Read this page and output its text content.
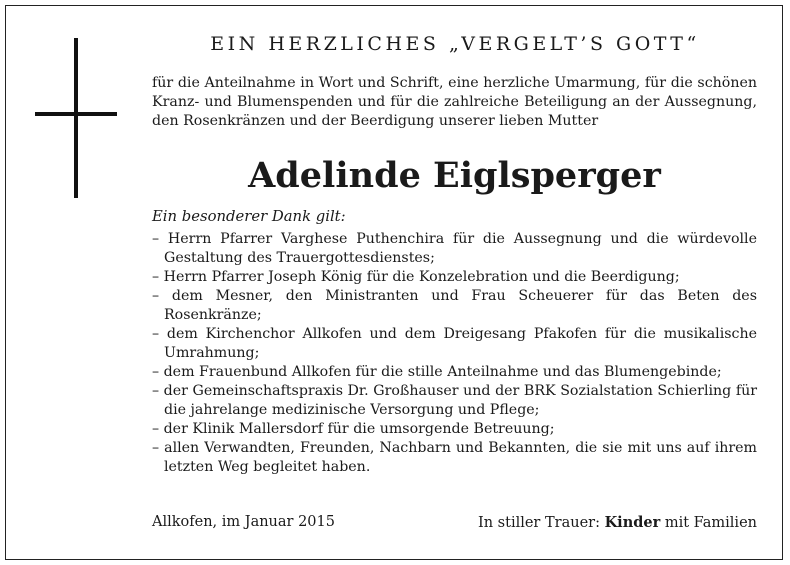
EIN HERZLICHES „VERGELT’S GOTT“

für die Anteilnahme in Wort und Schrift, eine herzliche Umarmung, für die schönen Kranz- und Blumenspenden und für die zahlreiche Beteiligung an der Aussegnung, den Rosenkränzen und der Beerdigung unserer lieben Mutter

Adelinde Eiglsperger
Ein besonderer Dank gilt:
– Herrn Pfarrer Varghese Puthenchira für die Aussegnung und die würdevolle Gestaltung des Trauergottesdienstes;
– Herrn Pfarrer Joseph König für die Konzelebration und die Beerdigung;
– dem Mesner, den Ministranten und Frau Scheuerer für das Beten des Rosenkränze;
– dem Kirchenchor Allkofen und dem Dreigesang Pfakofen für die musikalische Umrahmung;
– dem Frauenbund Allkofen für die stille Anteilnahme und das Blumengebinde;
– der Gemeinschaftspraxis Dr. Großhauser und der BRK Sozialstation Schierling für die jahrelange medizinische Versorgung und Pflege;
– der Klinik Mallersdorf für die umsorgende Betreuung;
– allen Verwandten, Freunden, Nachbarn und Bekannten, die sie mit uns auf ihrem letzten Weg begleitet haben.
Allkofen, im Januar 2015	In stiller Trauer: Kinder mit Familien
